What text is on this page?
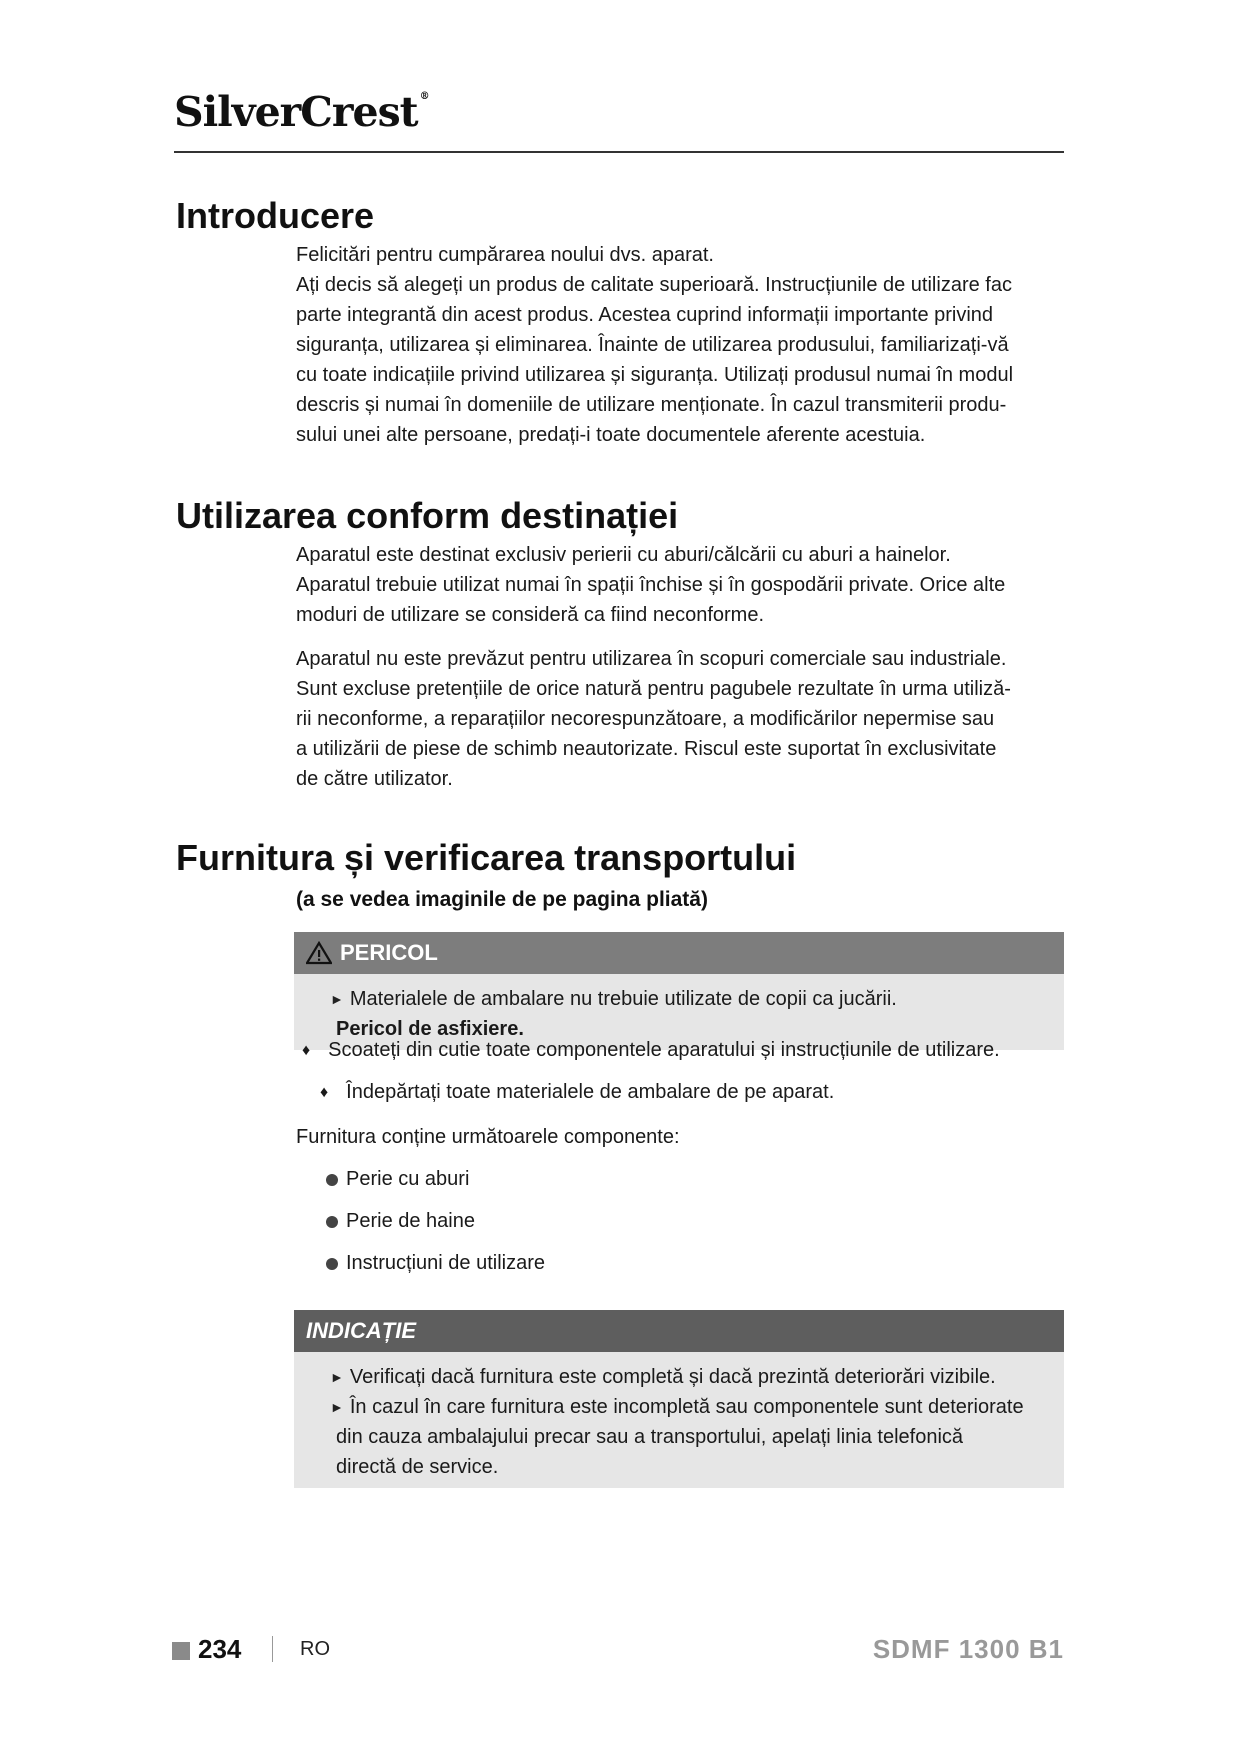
SilverCrest ®
Introducere

Felicitări pentru cumpărarea noului dvs. aparat.

Ați decis să alegeți un produs de calitate superioară. Instrucțiunile de utilizare fac

parte integrantă din acest produs. Acestea cuprind informații importante privind

siguranța, utilizarea și eliminarea. Înainte de utilizarea produsului, familiarizați-vă

cu toate indicațiile privind utilizarea și siguranța. Utilizați produsul numai în modul

descris și numai în domeniile de utilizare menționate. În cazul transmiterii produ-

sului unei alte persoane, predați-i toate documentele aferente acestuia.

Utilizarea conform destinației

Aparatul este destinat exclusiv perierii cu aburi/călcării cu aburi a hainelor.

Aparatul trebuie utilizat numai în spații închise și în gospodării private. Orice alte

moduri de utilizare se consideră ca fiind neconforme.

Aparatul nu este prevăzut pentru utilizarea în scopuri comerciale sau industriale.

Sunt excluse pretențiile de orice natură pentru pagubele rezultate în urma utiliză-

rii neconforme, a reparațiilor necorespunzătoare, a modificărilor nepermise sau

a utilizării de piese de schimb neautorizate. Riscul este suportat în exclusivitate

de către utilizator.

Furnitura și verificarea transportului
(a se vedea imaginile de pe pagina pliată)
PERICOL
► Materialele de ambalare nu trebuie utilizate de copii ca jucării.
Pericol de asfixiere.
♦ Scoateți din cutie toate componentele aparatului și instrucțiunile de utilizare.
♦ Îndepărtați toate materialele de ambalare de pe aparat.
Furnitura conține următoarele componente:
Perie cu aburi
Perie de haine
Instrucțiuni de utilizare
INDICAȚIE
► Verificați dacă furnitura este completă și dacă prezintă deteriorări vizibile.
► În cazul în care furnitura este incompletă sau componentele sunt deteriorate
din cauza ambalajului precar sau a transportului, apelați linia telefonică
directă de service.
234	RO	SDMF 1300 B1
